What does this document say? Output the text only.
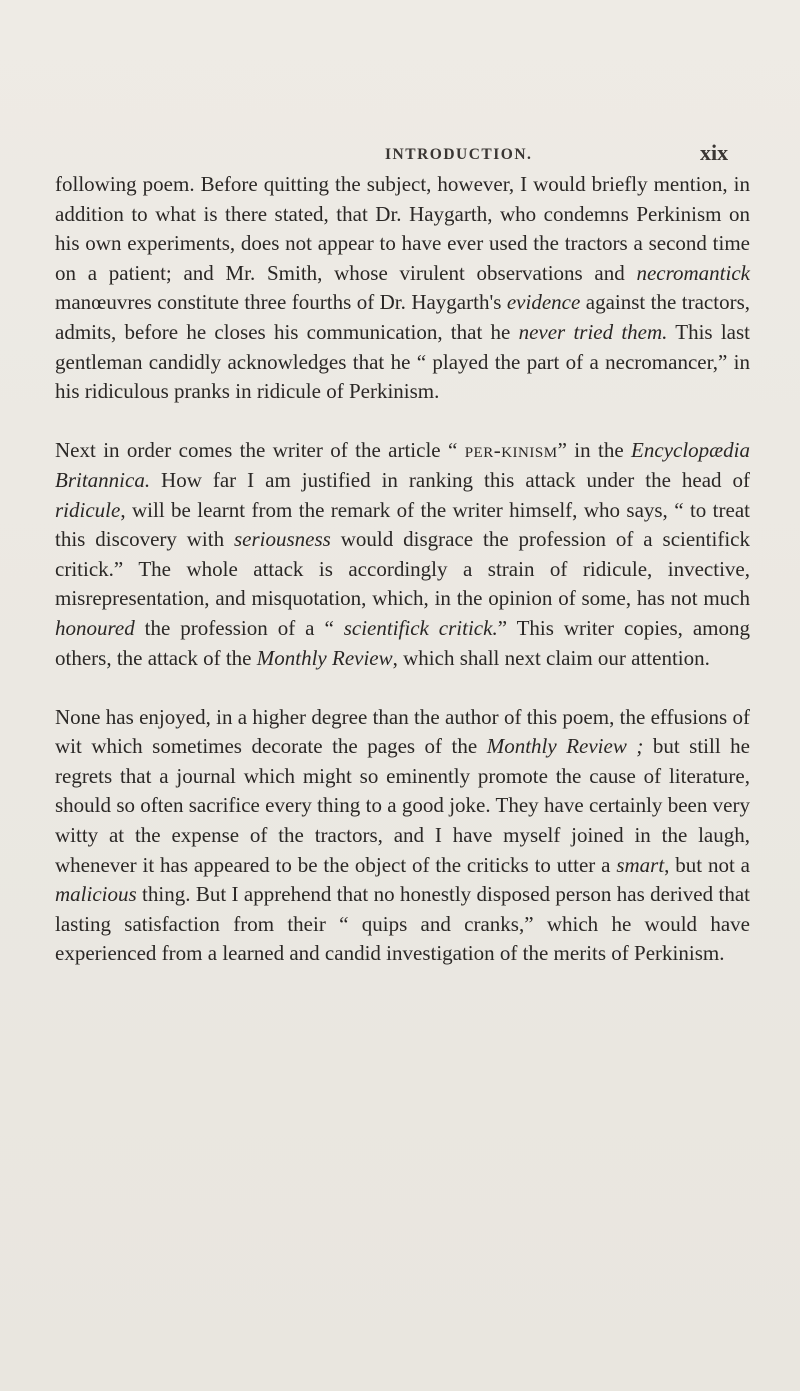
INTRODUCTION.	xix

following poem. Before quitting the subject, however, I would briefly mention, in addition to what is there stated, that Dr. Haygarth, who condemns Perkinism on his own experiments, does not appear to have ever used the tractors a second time on a patient; and Mr. Smith, whose virulent observations and necromantick manœuvres constitute three fourths of Dr. Haygarth's evidence against the tractors, admits, before he closes his communication, that he never tried them. This last gentleman candidly acknowledges that he “ played the part of a necromancer,” in his ridiculous pranks in ridicule of Perkinism.

Next in order comes the writer of the article “ per-kinism” in the Encyclopædia Britannica. How far I am justified in ranking this attack under the head of ridicule, will be learnt from the remark of the writer himself, who says, “ to treat this discovery with seriousness would disgrace the profession of a scientifick critick.” The whole attack is accordingly a strain of ridicule, invective, misrepresentation, and misquotation, which, in the opinion of some, has not much honoured the profession of a “ scientifick critick.” This writer copies, among others, the attack of the Monthly Review, which shall next claim our attention.

None has enjoyed, in a higher degree than the author of this poem, the effusions of wit which sometimes decorate the pages of the Monthly Review ; but still he regrets that a journal which might so eminently promote the cause of literature, should so often sacrifice every thing to a good joke. They have certainly been very witty at the expense of the tractors, and I have myself joined in the laugh, whenever it has appeared to be the object of the criticks to utter a smart, but not a malicious thing. But I apprehend that no honestly disposed person has derived that lasting satisfaction from their “ quips and cranks,” which he would have experienced from a learned and candid investigation of the merits of Perkinism.
